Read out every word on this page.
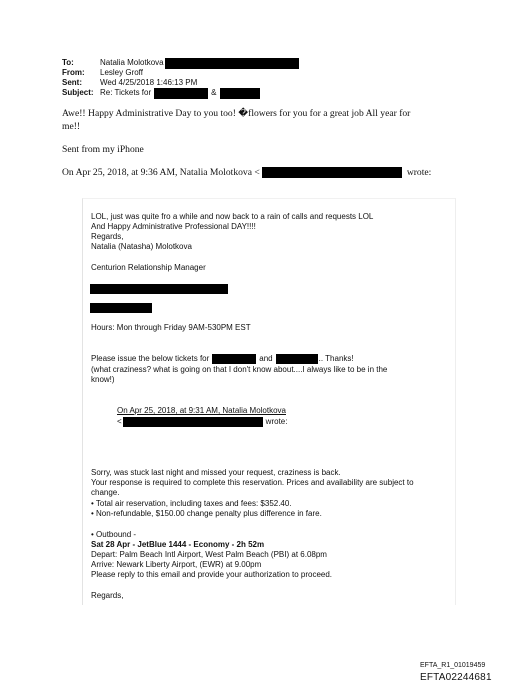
To:	Natalia Molotkova
From:	Lesley Groff
Sent:	Wed 4/25/2018 1:46:13 PM
Subject: Re: Tickets for	&
Awe!! Happy Administrative Day to you too! �flowers for you for a great job All year for
me!!
Sent from my iPhone
On Apr 25, 2018, at 9:36 AM, Natalia Molotkova <	wrote:
LOL, just was quite fro a while and now back to a rain of calls and requests LOL
And Happy Administrative Professional DAY!!!!
Regards,
Natalia (Natasha) Molotkova
Centurion Relationship Manager
Hours: Mon through Friday 9AM-530PM EST
Please issue the below tickets for	and	.. Thanks!
(what craziness? what is going on that I don't know about....I always like to be in the
know!)
On Apr 25, 2018, at 9:31 AM, Natalia Molotkova
<	wrote:
Sorry, was stuck last night and missed your request, craziness is back.
Your response is required to complete this reservation. Prices and availability are subject to
change.
• Total air reservation, including taxes and fees: $352.40.
• Non-refundable, $150.00 change penalty plus difference in fare.
• Outbound -
Sat 28 Apr - JetBlue 1444 - Economy - 2h 52m
Depart: Palm Beach Intl Airport, West Palm Beach (PBI) at 6.08pm
Arrive: Newark Liberty Airport, (EWR) at 9.00pm
Please reply to this email and provide your authorization to proceed.
Regards,
EFTA_R1_01019459
EFTA02244681
